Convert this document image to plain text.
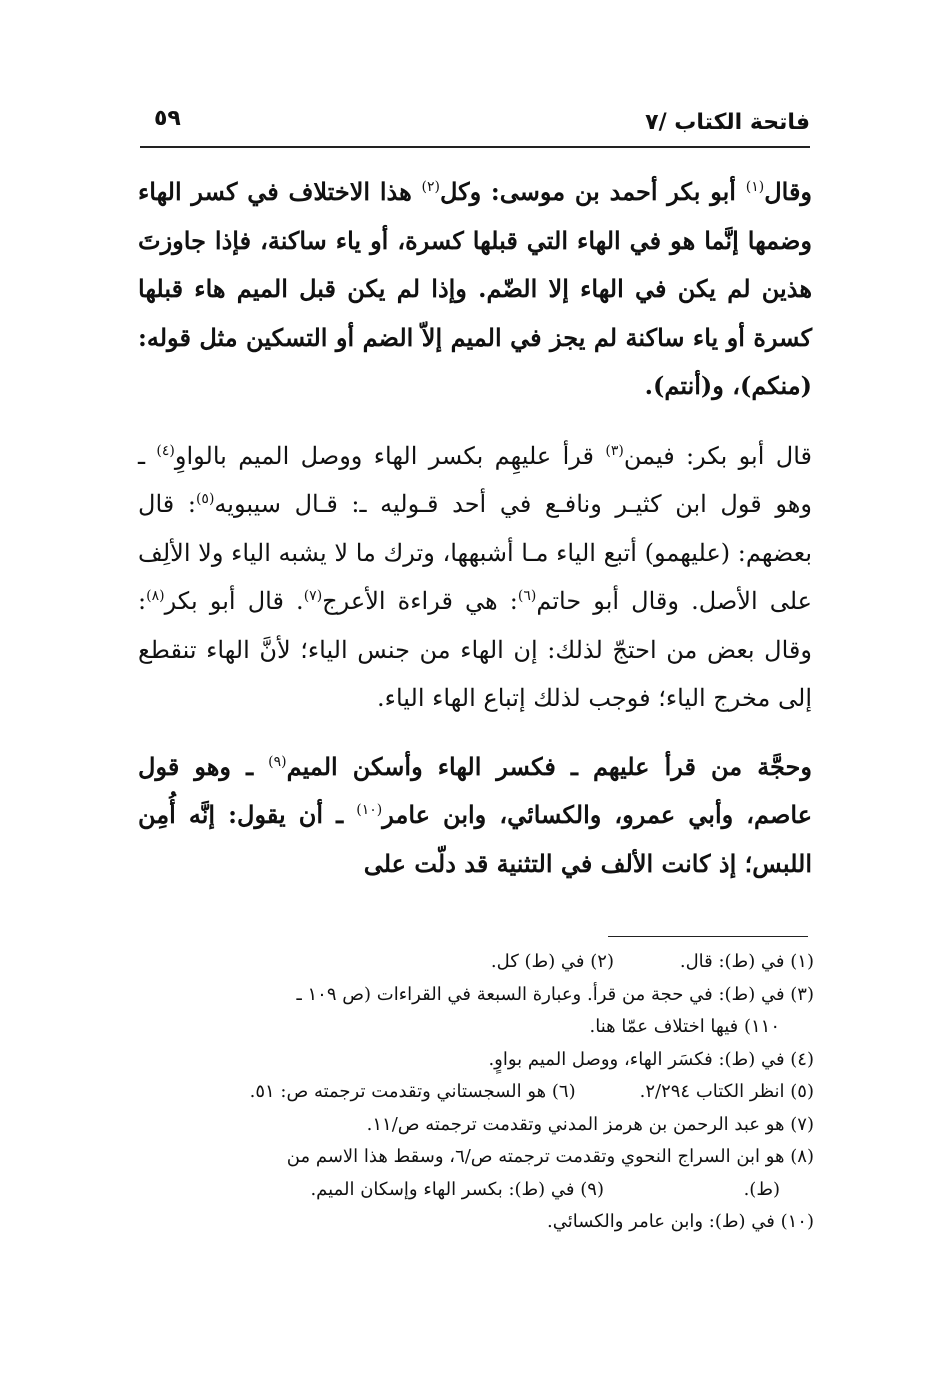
فاتحة الكتاب /٧
٥٩

وقال$^{(١)}$ أبو بكر أحمد بن موسى: وكل$^{(٢)}$ هذا الاختلاف في كسر الهاء وضمها إنَّما هو في الهاء التي قبلها كسرة، أو ياء ساكنة، فإذا جاوزتَ هذين لم يكن في الهاء إلا الضّم. وإذا لم يكن قبل الميم هاء قبلها كسرة أو ياء ساكنة لم يجز في الميم إلاّ الضم أو التسكين مثل قوله: (منكم)، و(أنتم).

قال أبو بكر: فيمن$^{(٣)}$ قرأ عليهِم بكسر الهاء ووصل الميم بالواوِ$^{(٤)}$ ـ وهو قول ابن كثيـر ونافـع في أحد قـوليه ـ: قـال سيبويه$^{(٥)}$: قال بعضهم: (عليهمو) أتبع الياء مـا أشبهها، وترك ما لا يشبه الياء ولا الألِف على الأصل. وقال أبو حاتم$^{(٦)}$: هي قراءة الأعرج$^{(٧)}$. قال أبو بكر$^{(٨)}$: وقال بعض من احتجّ لذلك: إن الهاء من جنس الياء؛ لأنَّ الهاء تنقطع إلى مخرج الياء؛ فوجب لذلك إتباع الهاء الياء.

وحجَّة من قرأ عليهم ـ فكسر الهاء وأسكن الميم$^{(٩)}$ ـ وهو قول عاصم، وأبي عمرو، والكسائي، وابن عامر$^{(١٠)}$ ـ أن يقول: إنَّه أُمِن اللبس؛ إذ كانت الألف في التثنية قد دلّت على

(١) في (ط): قال.
(٢) في (ط) كل.
(٣) في (ط): في حجة من قرأ. وعبارة السبعة في القراءات (ص ١٠٩ ـ
١١٠) فيها اختلاف عمّا هنا.
(٤) في (ط): فكسَر الهاء، ووصل الميم بواوٍ.
(٥) انظر الكتاب ٢/٢٩٤.
(٦) هو السجستاني وتقدمت ترجمته ص: ٥١.
(٧) هو عبد الرحمن بن هرمز المدني وتقدمت ترجمته ص/١١.
(٨) هو ابن السراج النحوي وتقدمت ترجمته ص/٦، وسقط هذا الاسم من
(ط).
(٩) في (ط): بكسر الهاء وإسكان الميم.
(١٠) في (ط): وابن عامر والكسائي.
